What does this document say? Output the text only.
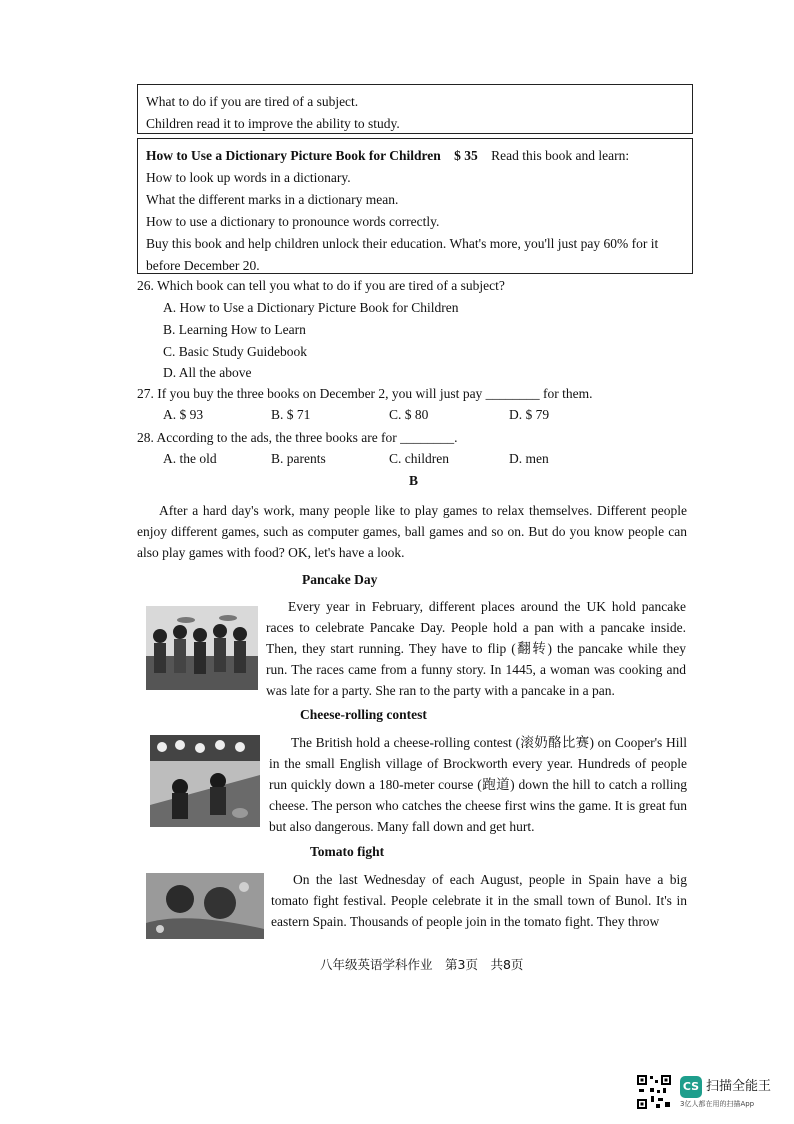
What to do if you are tired of a subject.
Children read it to improve the ability to study.
How to Use a Dictionary Picture Book for Children $ 35 Read this book and learn:
How to look up words in a dictionary.
What the different marks in a dictionary mean.
How to use a dictionary to pronounce words correctly.
Buy this book and help children unlock their education. What's more, you'll just pay 60% for it
before December 20.
26. Which book can tell you what to do if you are tired of a subject?
A. How to Use a Dictionary Picture Book for Children
B. Learning How to Learn
C. Basic Study Guidebook
D. All the above
27. If you buy the three books on December 2, you will just pay ________ for them.
A. $ 93	B. $ 71	C. $ 80	D. $ 79
28. According to the ads, the three books are for ________.
A. the old	B. parents	C. children	D. men
B
After a hard day's work, many people like to play games to relax themselves. Different people enjoy different games, such as computer games, ball games and so on. But do you know people can also play games with food? OK, let's have a look.
Pancake Day
Every year in February, different places around the UK hold pancake races to celebrate Pancake Day. People hold a pan with a pancake inside. Then, they start running. They have to flip (翻转) the pancake while they run. The races came from a funny story. In 1445, a woman was cooking and was late for a party. She ran to the party with a pancake in a pan.
Cheese-rolling contest
The British hold a cheese-rolling contest (滚奶酪比赛) on Cooper's Hill in the small English village of Brockworth every year. Hundreds of people run quickly down a 180-meter course (跑道) down the hill to catch a rolling cheese. The person who catches the cheese first wins the game. It is great fun but also dangerous. Many fall down and get hurt.
Tomato fight
On the last Wednesday of each August, people in Spain have a big tomato fight festival. People celebrate it in the small town of Bunol. It's in eastern Spain. Thousands of people join in the tomato fight. They throw
八年级英语学科作业　第3页　共8页
CS 扫描全能王
3亿人都在用的扫描App
